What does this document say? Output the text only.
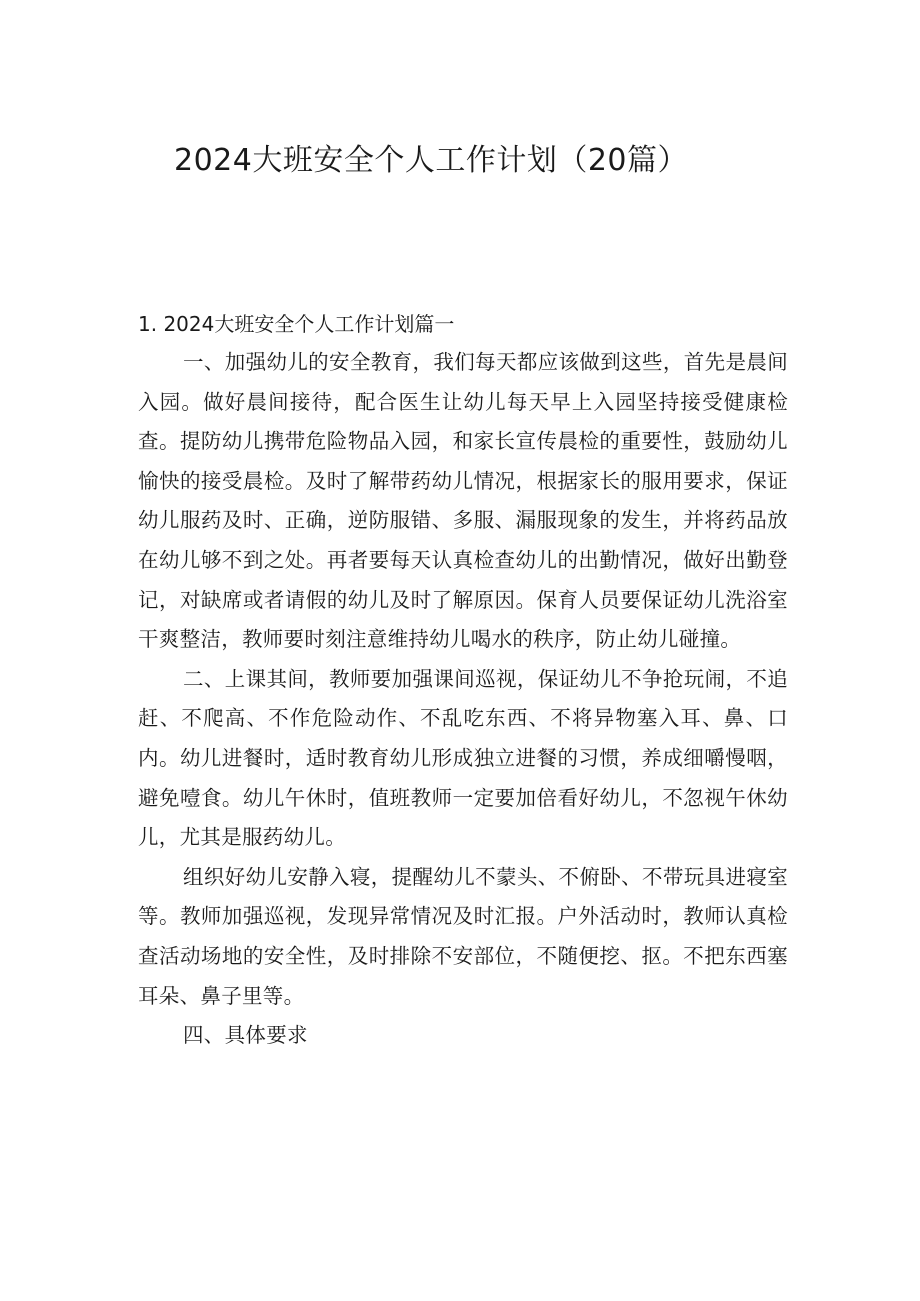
2024大班安全个人工作计划（20篇）

1. 2024大班安全个人工作计划篇一

一、加强幼儿的安全教育，我们每天都应该做到这些，首先是晨间入园。做好晨间接待，配合医生让幼儿每天早上入园坚持接受健康检查。提防幼儿携带危险物品入园，和家长宣传晨检的重要性，鼓励幼儿愉快的接受晨检。及时了解带药幼儿情况，根据家长的服用要求，保证幼儿服药及时、正确，逆防服错、多服、漏服现象的发生，并将药品放在幼儿够不到之处。再者要每天认真检查幼儿的出勤情况，做好出勤登记，对缺席或者请假的幼儿及时了解原因。保育人员要保证幼儿洗浴室干爽整洁，教师要时刻注意维持幼儿喝水的秩序，防止幼儿碰撞。

二、上课其间，教师要加强课间巡视，保证幼儿不争抢玩闹，不追赶、不爬高、不作危险动作、不乱吃东西、不将异物塞入耳、鼻、口内。幼儿进餐时，适时教育幼儿形成独立进餐的习惯，养成细嚼慢咽，避免噎食。幼儿午休时，值班教师一定要加倍看好幼儿，不忽视午休幼儿，尤其是服药幼儿。

组织好幼儿安静入寝，提醒幼儿不蒙头、不俯卧、不带玩具进寝室等。教师加强巡视，发现异常情况及时汇报。户外活动时，教师认真检查活动场地的安全性，及时排除不安部位，不随便挖、抠。不把东西塞耳朵、鼻子里等。

四、具体要求
